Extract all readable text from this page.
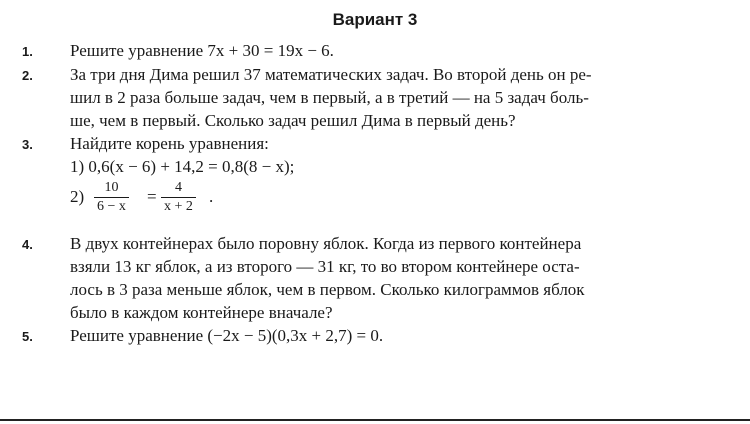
Вариант 3
1. Решите уравнение 7x + 30 = 19x − 6.
2. За три дня Дима решил 37 математических задач. Во второй день он ре-
шил в 2 раза больше задач, чем в первый, а в третий — на 5 задач боль-
ше, чем в первый. Сколько задач решил Дима в первый день?
3. Найдите корень уравнения:
1) 0,6(x − 6) + 14,2 = 0,8(8 − x);
$2) \frac{10}{6 - x} = \frac{4}{x + 2}$ .
4. В двух контейнерах было поровну яблок. Когда из первого контейнера
взяли 13 кг яблок, а из второго — 31 кг, то во втором контейнере оста-
лось в 3 раза меньше яблок, чем в первом. Сколько килограммов яблок
было в каждом контейнере вначале?
5. Решите уравнение (−2x − 5)(0,3x + 2,7) = 0.
